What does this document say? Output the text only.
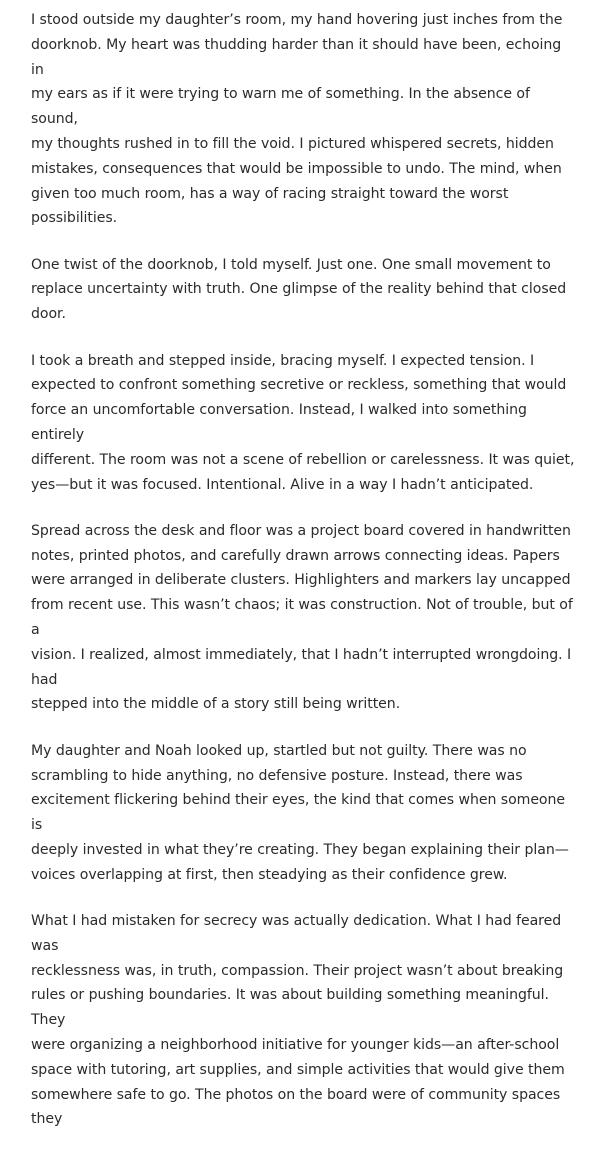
I stood outside my daughter’s room, my hand hovering just inches from the
doorknob. My heart was thudding harder than it should have been, echoing in
my ears as if it were trying to warn me of something. In the absence of sound,
my thoughts rushed in to fill the void. I pictured whispered secrets, hidden
mistakes, consequences that would be impossible to undo. The mind, when
given too much room, has a way of racing straight toward the worst possibilities.

One twist of the doorknob, I told myself. Just one. One small movement to
replace uncertainty with truth. One glimpse of the reality behind that closed
door.

I took a breath and stepped inside, bracing myself. I expected tension. I
expected to confront something secretive or reckless, something that would
force an uncomfortable conversation. Instead, I walked into something entirely
different. The room was not a scene of rebellion or carelessness. It was quiet,
yes—but it was focused. Intentional. Alive in a way I hadn’t anticipated.

Spread across the desk and floor was a project board covered in handwritten
notes, printed photos, and carefully drawn arrows connecting ideas. Papers
were arranged in deliberate clusters. Highlighters and markers lay uncapped
from recent use. This wasn’t chaos; it was construction. Not of trouble, but of a
vision. I realized, almost immediately, that I hadn’t interrupted wrongdoing. I had
stepped into the middle of a story still being written.

My daughter and Noah looked up, startled but not guilty. There was no
scrambling to hide anything, no defensive posture. Instead, there was
excitement flickering behind their eyes, the kind that comes when someone is
deeply invested in what they’re creating. They began explaining their plan—
voices overlapping at first, then steadying as their confidence grew.

What I had mistaken for secrecy was actually dedication. What I had feared was
recklessness was, in truth, compassion. Their project wasn’t about breaking
rules or pushing boundaries. It was about building something meaningful. They
were organizing a neighborhood initiative for younger kids—an after-school
space with tutoring, art supplies, and simple activities that would give them
somewhere safe to go. The photos on the board were of community spaces they
